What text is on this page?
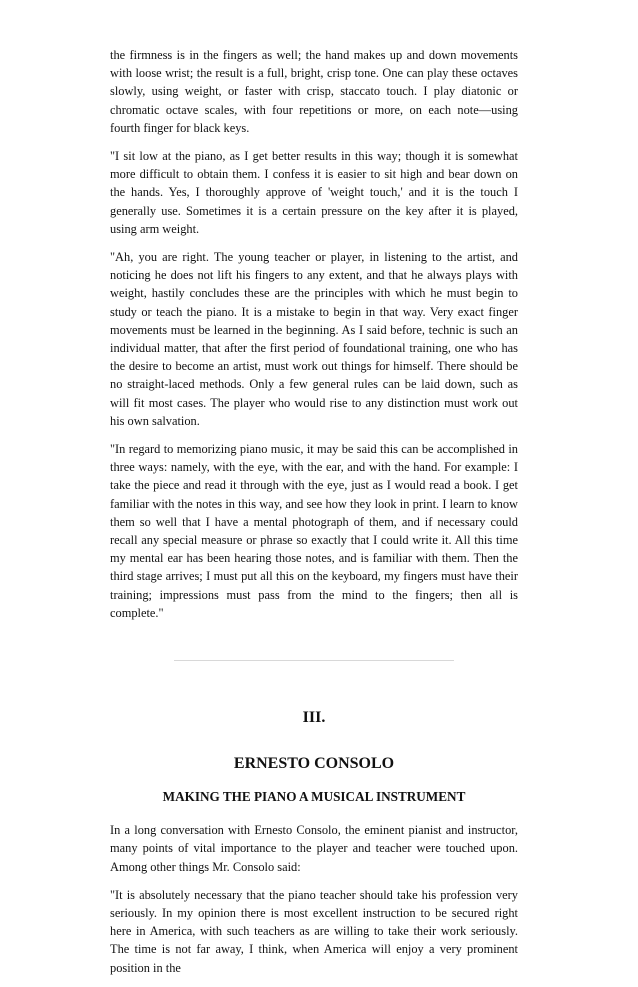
the firmness is in the fingers as well; the hand makes up and down movements with loose wrist; the result is a full, bright, crisp tone. One can play these octaves slowly, using weight, or faster with crisp, staccato touch. I play diatonic or chromatic octave scales, with four repetitions or more, on each note—using fourth finger for black keys.

"I sit low at the piano, as I get better results in this way; though it is somewhat more difficult to obtain them. I confess it is easier to sit high and bear down on the hands. Yes, I thoroughly approve of 'weight touch,' and it is the touch I generally use. Sometimes it is a certain pressure on the key after it is played, using arm weight.

"Ah, you are right. The young teacher or player, in listening to the artist, and noticing he does not lift his fingers to any extent, and that he always plays with weight, hastily concludes these are the principles with which he must begin to study or teach the piano. It is a mistake to begin in that way. Very exact finger movements must be learned in the beginning. As I said before, technic is such an individual matter, that after the first period of foundational training, one who has the desire to become an artist, must work out things for himself. There should be no straight-laced methods. Only a few general rules can be laid down, such as will fit most cases. The player who would rise to any distinction must work out his own salvation.

"In regard to memorizing piano music, it may be said this can be accomplished in three ways: namely, with the eye, with the ear, and with the hand. For example: I take the piece and read it through with the eye, just as I would read a book. I get familiar with the notes in this way, and see how they look in print. I learn to know them so well that I have a mental photograph of them, and if necessary could recall any special measure or phrase so exactly that I could write it. All this time my mental ear has been hearing those notes, and is familiar with them. Then the third stage arrives; I must put all this on the keyboard, my fingers must have their training; impressions must pass from the mind to the fingers; then all is complete."

III.
ERNESTO CONSOLO
MAKING THE PIANO A MUSICAL INSTRUMENT

In a long conversation with Ernesto Consolo, the eminent pianist and instructor, many points of vital importance to the player and teacher were touched upon. Among other things Mr. Consolo said:

"It is absolutely necessary that the piano teacher should take his profession very seriously. In my opinion there is most excellent instruction to be secured right here in America, with such teachers as are willing to take their work seriously. The time is not far away, I think, when America will enjoy a very prominent position in the
